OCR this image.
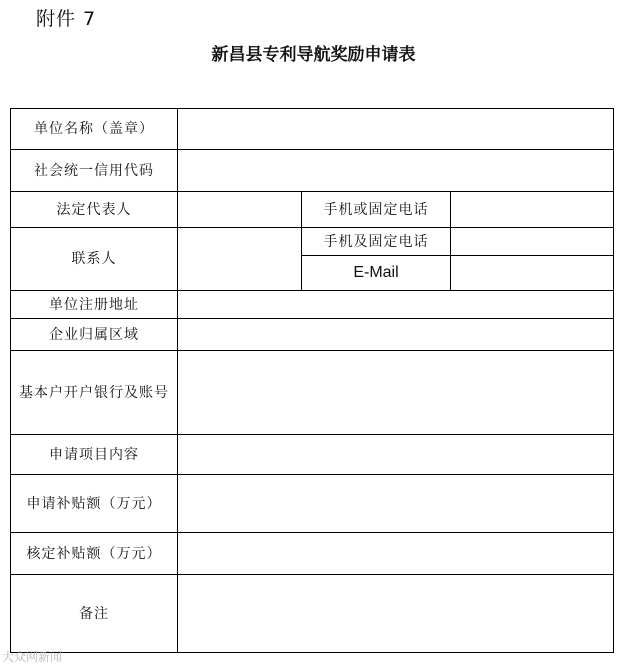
附件 7
新昌县专利导航奖励申请表
单位名称（盖章）			
社会统一信用代码			
法定代表人		手机或固定电话	
联系人		手机及固定电话	
		E-Mail	
单位注册地址			
企业归属区域			
基本户开户银行及账号			
申请项目内容			
申请补贴额（万元）			
核定补贴额（万元）			
备注			
大众网新闻
